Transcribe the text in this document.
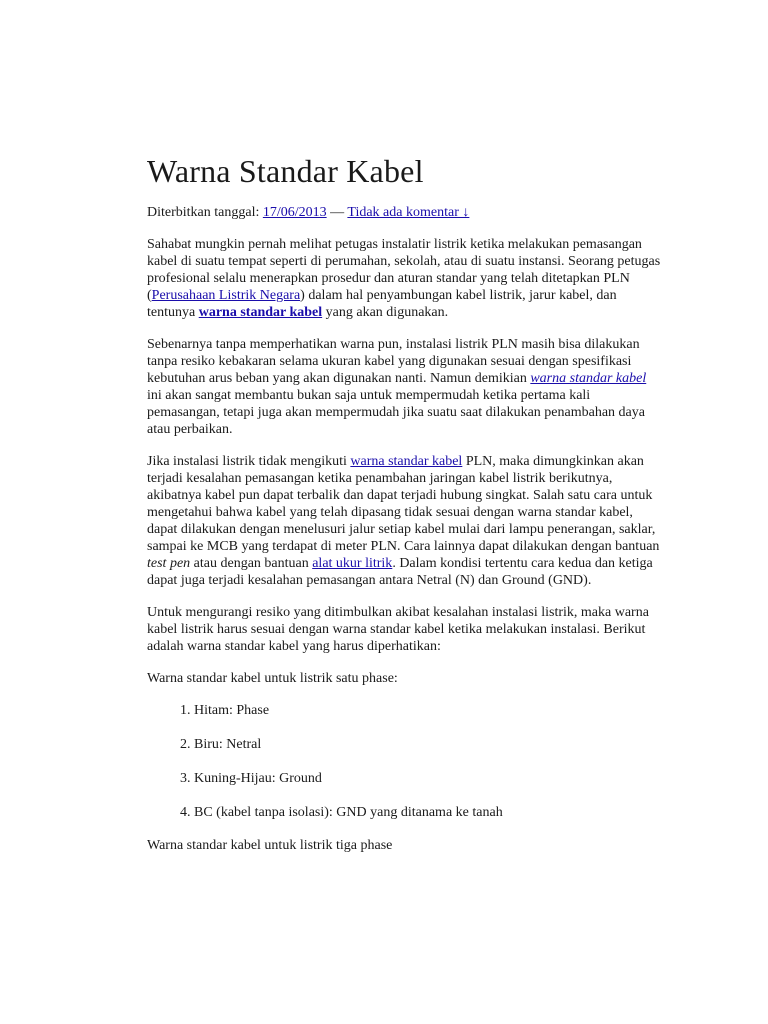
Warna Standar Kabel
Diterbitkan tanggal: 17/06/2013 — Tidak ada komentar ↓

Sahabat mungkin pernah melihat petugas instalatir listrik ketika melakukan pemasangan kabel di suatu tempat seperti di perumahan, sekolah, atau di suatu instansi. Seorang petugas profesional selalu menerapkan prosedur dan aturan standar yang telah ditetapkan PLN (Perusahaan Listrik Negara) dalam hal penyambungan kabel listrik, jarur kabel, dan tentunya warna standar kabel yang akan digunakan.

Sebenarnya tanpa memperhatikan warna pun, instalasi listrik PLN masih bisa dilakukan tanpa resiko kebakaran selama ukuran kabel yang digunakan sesuai dengan spesifikasi kebutuhan arus beban yang akan digunakan nanti. Namun demikian warna standar kabel ini akan sangat membantu bukan saja untuk mempermudah ketika pertama kali pemasangan, tetapi juga akan mempermudah jika suatu saat dilakukan penambahan daya atau perbaikan.

Jika instalasi listrik tidak mengikuti warna standar kabel PLN, maka dimungkinkan akan terjadi kesalahan pemasangan ketika penambahan jaringan kabel listrik berikutnya, akibatnya kabel pun dapat terbalik dan dapat terjadi hubung singkat. Salah satu cara untuk mengetahui bahwa kabel yang telah dipasang tidak sesuai dengan warna standar kabel, dapat dilakukan dengan menelusuri jalur setiap kabel mulai dari lampu penerangan, saklar, sampai ke MCB yang terdapat di meter PLN. Cara lainnya dapat dilakukan dengan bantuan test pen atau dengan bantuan alat ukur litrik. Dalam kondisi tertentu cara kedua dan ketiga dapat juga terjadi kesalahan pemasangan antara Netral (N) dan Ground (GND).

Untuk mengurangi resiko yang ditimbulkan akibat kesalahan instalasi listrik, maka warna kabel listrik harus sesuai dengan warna standar kabel ketika melakukan instalasi. Berikut adalah warna standar kabel yang harus diperhatikan:

Warna standar kabel untuk listrik satu phase:

1. Hitam: Phase
2. Biru: Netral
3. Kuning-Hijau: Ground
4. BC (kabel tanpa isolasi): GND yang ditanama ke tanah

Warna standar kabel untuk listrik tiga phase
